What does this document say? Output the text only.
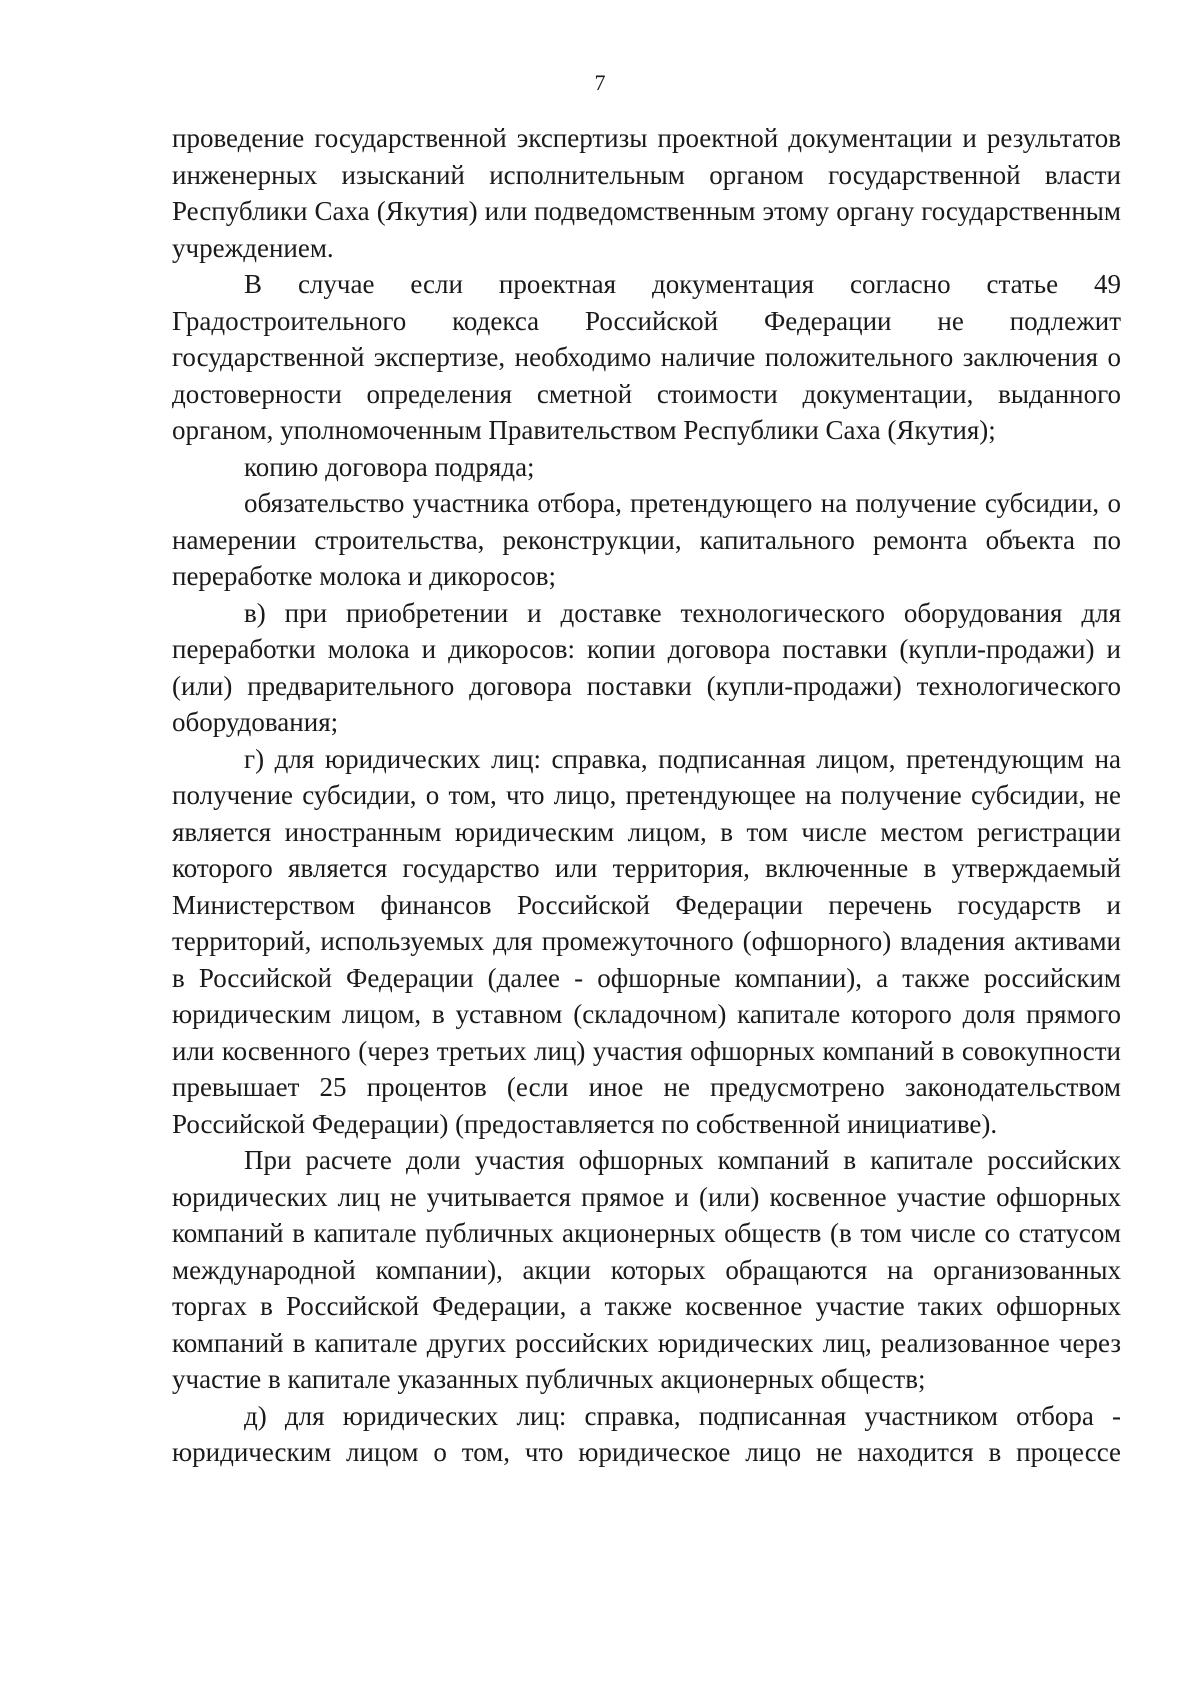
7

проведение государственной экспертизы проектной документации и результатов инженерных изысканий исполнительным органом государственной власти Республики Саха (Якутия) или подведомственным этому органу государственным учреждением.

В случае если проектная документация согласно статье 49 Градостроительного кодекса Российской Федерации не подлежит государственной экспертизе, необходимо наличие положительного заключения о достоверности определения сметной стоимости документации, выданного органом, уполномоченным Правительством Республики Саха (Якутия);

копию договора подряда;

обязательство участника отбора, претендующего на получение субсидии, о намерении строительства, реконструкции, капитального ремонта объекта по переработке молока и дикоросов;

в) при приобретении и доставке технологического оборудования для переработки молока и дикоросов: копии договора поставки (купли-продажи) и (или) предварительного договора поставки (купли-продажи) технологического оборудования;

г) для юридических лиц: справка, подписанная лицом, претендующим на получение субсидии, о том, что лицо, претендующее на получение субсидии, не является иностранным юридическим лицом, в том числе местом регистрации которого является государство или территория, включенные в утверждаемый Министерством финансов Российской Федерации перечень государств и территорий, используемых для промежуточного (офшорного) владения активами в Российской Федерации (далее - офшорные компании), а также российским юридическим лицом, в уставном (складочном) капитале которого доля прямого или косвенного (через третьих лиц) участия офшорных компаний в совокупности превышает 25 процентов (если иное не предусмотрено законодательством Российской Федерации) (предоставляется по собственной инициативе).

При расчете доли участия офшорных компаний в капитале российских юридических лиц не учитывается прямое и (или) косвенное участие офшорных компаний в капитале публичных акционерных обществ (в том числе со статусом международной компании), акции которых обращаются на организованных торгах в Российской Федерации, а также косвенное участие таких офшорных компаний в капитале других российских юридических лиц, реализованное через участие в капитале указанных публичных акционерных обществ;

д) для юридических лиц: справка, подписанная участником отбора - юридическим лицом о том, что юридическое лицо не находится в процессе
